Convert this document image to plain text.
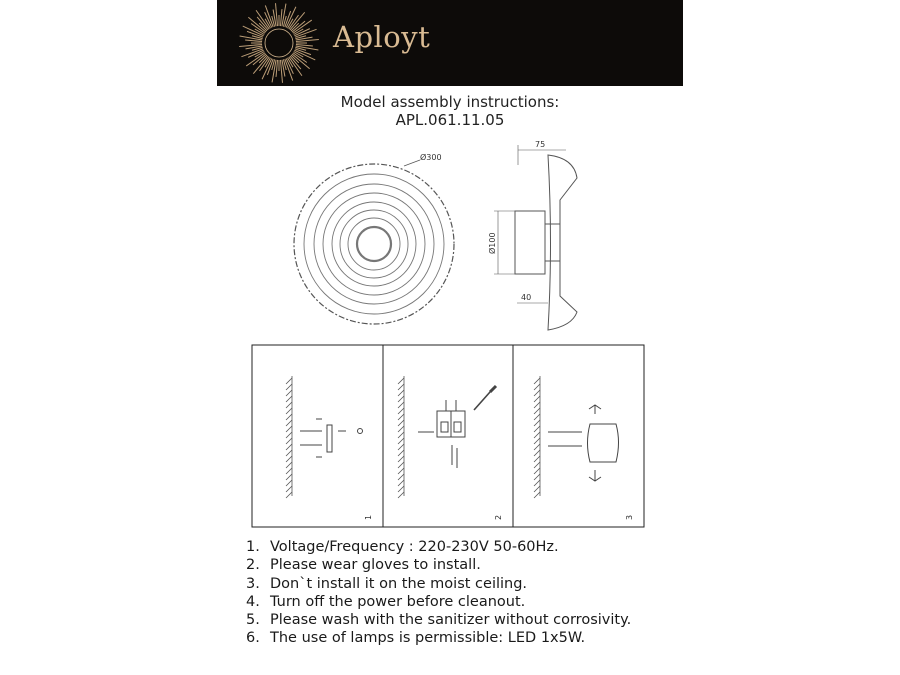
Aployt
Model assembly instructions:
APL.061.11.05
Ø300
75
Ø100
40
1	2	3
1. Voltage/Frequency : 220-230V 50-60Hz.
2. Please wear gloves to install.
3. Don`t install it on the moist ceiling.
4. Turn off the power before cleanout.
5. Please wash with the sanitizer without corrosivity.
6. The use of lamps is permissible: LED 1x5W.
